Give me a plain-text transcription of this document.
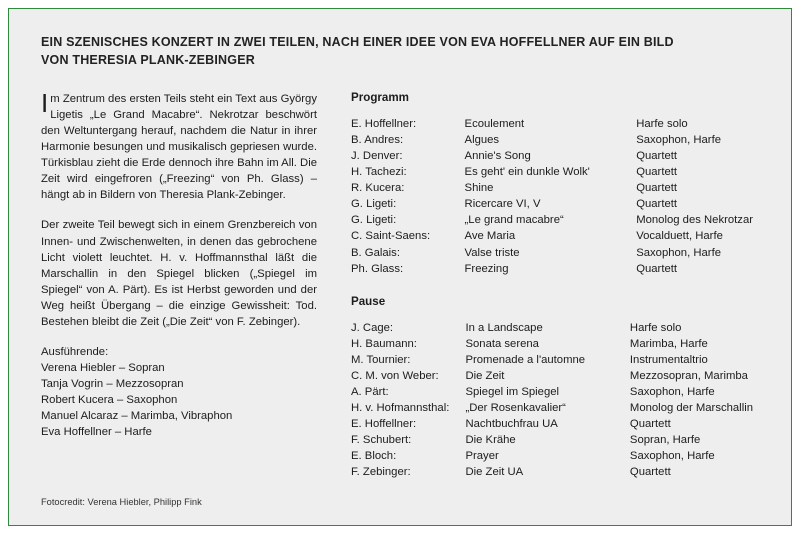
EIN SZENISCHES KONZERT IN ZWEI TEILEN, NACH EINER IDEE VON EVA HOFFELLNER AUF EIN BILD VON THERESIA PLANK-ZEBINGER

Im Zentrum des ersten Teils steht ein Text aus György Ligetis „Le Grand Macabre“. Nekrotzar beschwört den Weltuntergang herauf, nachdem die Natur in ihrer Harmonie besungen und musikalisch gepriesen wurde. Türkisblau zieht die Erde dennoch ihre Bahn im All. Die Zeit wird eingefroren („Freezing“ von Ph. Glass) – hängt ab in Bildern von Theresia Plank-Zebinger.

Der zweite Teil bewegt sich in einem Grenzbereich von Innen- und Zwischenwelten, in denen das gebrochene Licht violett leuchtet. H. v. Hoffmannsthal läßt die Marschallin in den Spiegel blicken („Spiegel im Spiegel“ von A. Pärt). Es ist Herbst geworden und der Weg heißt Übergang – die einzige Gewissheit: Tod. Bestehen bleibt die Zeit („Die Zeit“ von F. Zebinger).

Ausführende:

Verena Hiebler – Sopran
Tanja Vogrin – Mezzosopran
Robert Kucera – Saxophon
Manuel Alcaraz – Marimba, Vibraphon
Eva Hoffellner – Harfe
Programm
E. Hoffellner:	Ecoulement	Harfe solo
B. Andres:	Algues	Saxophon, Harfe
J. Denver:	Annie's Song	Quartett
H. Tachezi:	Es geht' ein dunkle Wolk'	Quartett
R. Kucera:	Shine	Quartett
G. Ligeti:	Ricercare VI, V	Quartett
G. Ligeti:	„Le grand macabre“	Monolog des Nekrotzar
C. Saint-Saens:	Ave Maria	Vocalduett, Harfe
B. Galais:	Valse triste	Saxophon, Harfe
Ph. Glass:	Freezing	Quartett
Pause
J. Cage:	In a Landscape	Harfe solo
H. Baumann:	Sonata serena	Marimba, Harfe
M. Tournier:	Promenade a l'automne	Instrumentaltrio
C. M. von Weber:	Die Zeit	Mezzosopran, Marimba
A. Pärt:	Spiegel im Spiegel	Saxophon, Harfe
H. v. Hofmannsthal:	„Der Rosenkavalier“	Monolog der Marschallin
E. Hoffellner:	Nachtbuchfrau UA	Quartett
F. Schubert:	Die Krähe	Sopran, Harfe
E. Bloch:	Prayer	Saxophon, Harfe
F. Zebinger:	Die Zeit UA	Quartett
Fotocredit: Verena Hiebler, Philipp Fink
